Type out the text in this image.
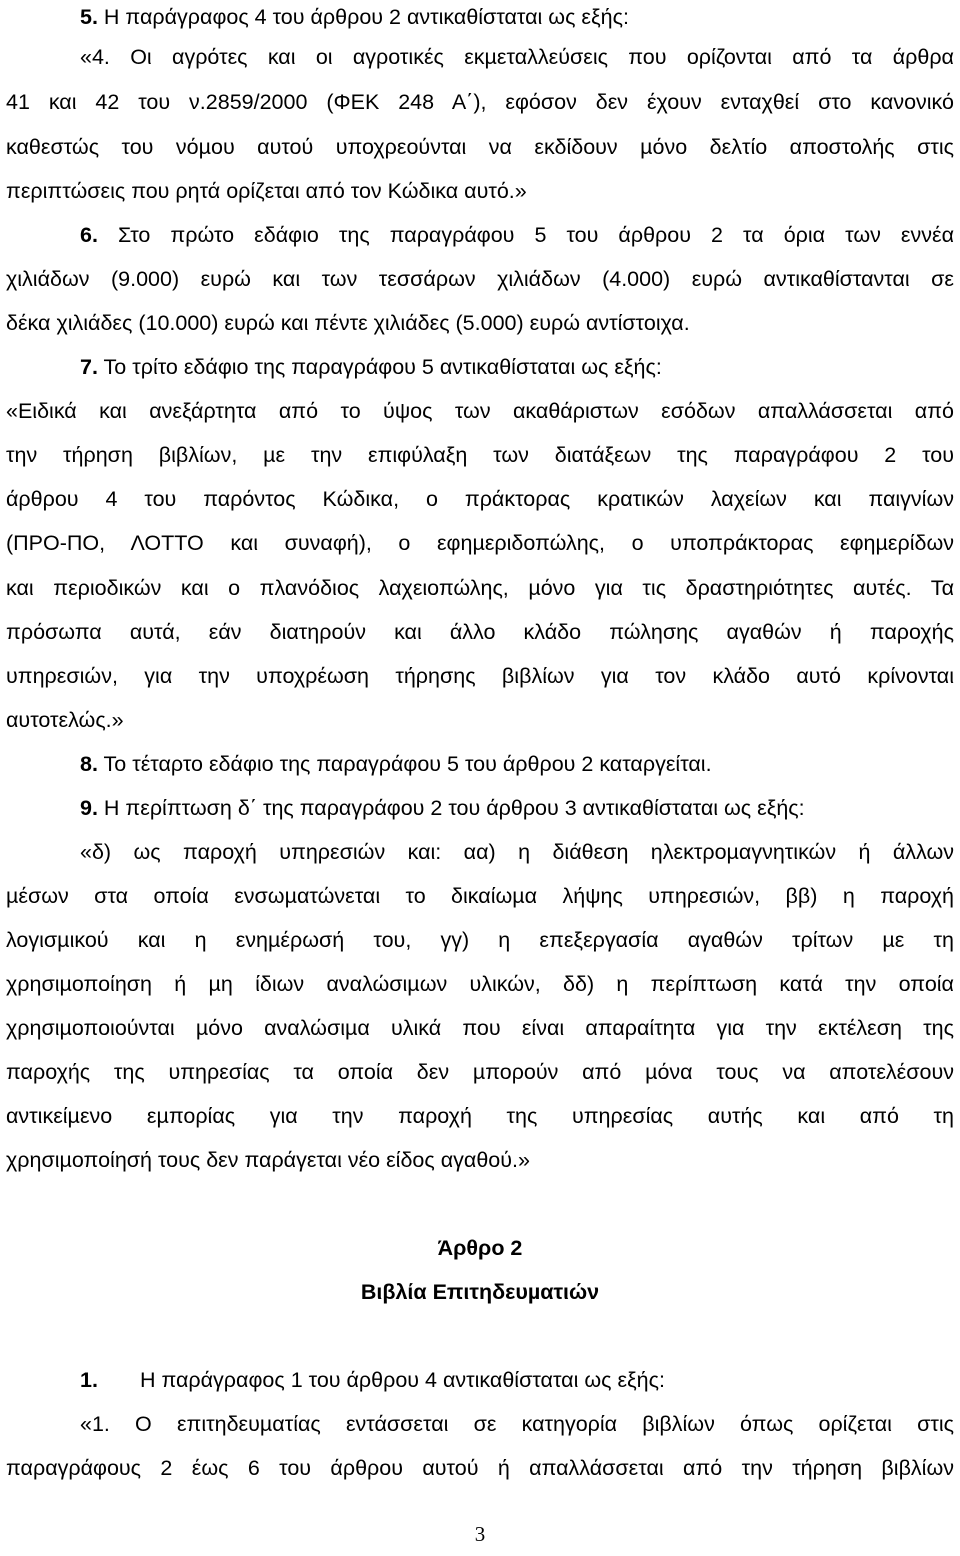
5. Η παράγραφος 4 του άρθρου 2 αντικαθίσταται ως εξής:
«4. Οι αγρότες και οι αγροτικές εκµεταλλεύσεις που ορίζονται από τα άρθρα
41 και 42 του ν.2859/2000 (ΦΕΚ 248 Α΄), εφόσον δεν έχουν ενταχθεί στο κανονικό
καθεστώς του νόµου αυτού υποχρεούνται να εκδίδουν µόνο δελτίο αποστολής στις
περιπτώσεις που ρητά ορίζεται από τον Κώδικα αυτό.»
6. Στο πρώτο εδάφιο της παραγράφου 5 του άρθρου 2 τα όρια των εννέα
χιλιάδων (9.000) ευρώ και των τεσσάρων χιλιάδων (4.000) ευρώ αντικαθίστανται σε
δέκα χιλιάδες (10.000) ευρώ και πέντε χιλιάδες (5.000) ευρώ αντίστοιχα.
7. Το τρίτο εδάφιο της παραγράφου 5 αντικαθίσταται ως εξής:
«Ειδικά και ανεξάρτητα από το ύψος των ακαθάριστων εσόδων απαλλάσσεται από
την τήρηση βιβλίων, µε την επιφύλαξη των διατάξεων της παραγράφου 2 του
άρθρου 4 του παρόντος Κώδικα, ο πράκτορας κρατικών λαχείων και παιγνίων
(ΠΡΟ-ΠΟ, ΛΟΤΤΟ και συναφή), ο εφηµεριδοπώλης, ο υποπράκτορας εφηµερίδων
και περιοδικών και ο πλανόδιος λαχειοπώλης, µόνο για τις δραστηριότητες αυτές. Τα
πρόσωπα αυτά, εάν διατηρούν και άλλο κλάδο πώλησης αγαθών ή παροχής
υπηρεσιών, για την υποχρέωση τήρησης βιβλίων για τον κλάδο αυτό κρίνονται
αυτοτελώς.»
8. Το τέταρτο εδάφιο της παραγράφου 5 του άρθρου 2 καταργείται.
9. Η περίπτωση δ΄ της παραγράφου 2 του άρθρου 3 αντικαθίσταται ως εξής:
«δ) ως παροχή υπηρεσιών και: αα) η διάθεση ηλεκτροµαγνητικών ή άλλων
µέσων στα οποία ενσωµατώνεται το δικαίωµα λήψης υπηρεσιών, ββ) η παροχή
λογισµικού και η ενηµέρωσή του, γγ) η επεξεργασία αγαθών τρίτων µε τη
χρησιµοποίηση ή µη ίδιων αναλώσιµων υλικών, δδ) η περίπτωση κατά την οποία
χρησιµοποιούνται µόνο αναλώσιµα υλικά που είναι απαραίτητα για την εκτέλεση της
παροχής της υπηρεσίας τα οποία δεν µπορούν από µόνα τους να αποτελέσουν
αντικείµενο εµπορίας για την παροχή της υπηρεσίας αυτής και από τη
χρησιµοποίησή τους δεν παράγεται νέο είδος αγαθού.»
Άρθρο 2
Βιβλία Επιτηδευµατιών
1. Η παράγραφος 1 του άρθρου 4 αντικαθίσταται ως εξής:
«1. Ο επιτηδευµατίας εντάσσεται σε κατηγορία βιβλίων όπως ορίζεται στις
παραγράφους 2 έως 6 του άρθρου αυτού ή απαλλάσσεται από την τήρηση βιβλίων
3
